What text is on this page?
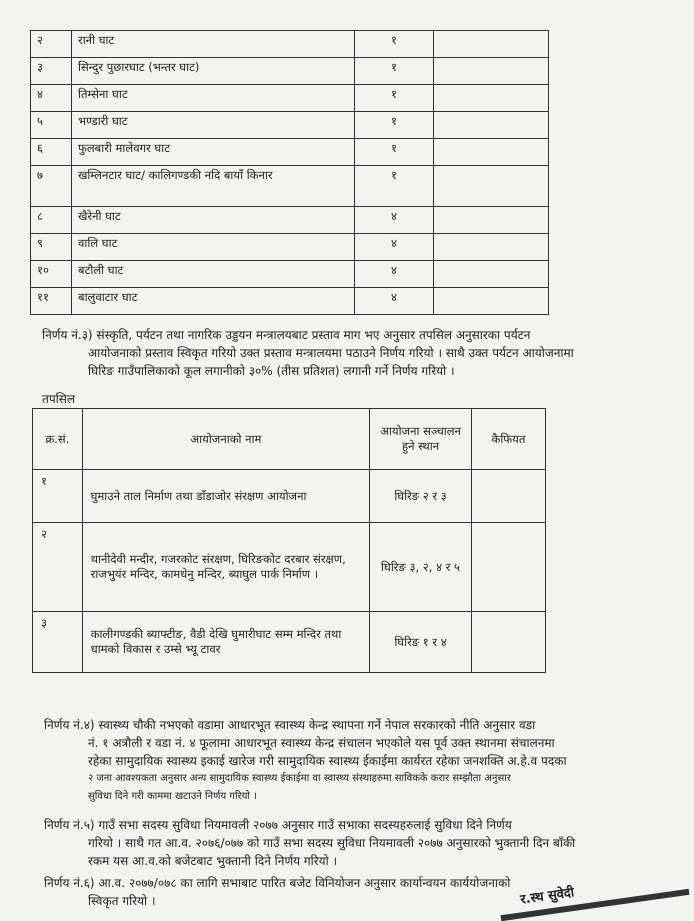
२	रानी घाट	१	
३	सिन्दुर पुछारघाट (भन्तर घाट)	१	
४	तिम्सेना घाट	१	
५	भण्डारी घाट	१	
६	फुलबारी मालेवगर घाट	१	
७	खम्लिनटार घाट/ कालिगण्डकी नदि बायाँ किनार	१	
८	खैरेनी घाट	४	
९	वालि घाट	४	
१०	बटौली घाट	४	
११	बालुवाटार घाट	४	
निर्णय नं.३) संस्कृति, पर्यटन तथा नागरिक उड्डयन मन्त्रालयबाट प्रस्ताव माग भए अनुसार तपसिल अनुसारका पर्यटन
आयोजनाको प्रस्ताव स्विकृत गरियो उक्त प्रस्ताव मन्त्रालयमा पठाउने निर्णय गरियो । साथै उक्त पर्यटन आयोजनामा
घिरिङ गाउँपालिकाको कूल लगानीको ३०% (तीस प्रतिशत) लगानी गर्ने निर्णय गरियो ।
तपसिल
क्र.सं.	आयोजनाको नाम	आयोजना सञ्चालन हुने स्थान	कैफियत
१	घुमाउने ताल निर्माण तथा डाँडाजोर संरक्षण आयोजना	घिरिङ २ र ३	
२	थानीदेवी मन्दीर, गजरकोट संरक्षण, घिरिङकोट दरबार संरक्षण, राजभुयंर मन्दिर, कामधेनु मन्दिर, ब्याघुल पार्क निर्माण ।	घिरिङ ३, २, ४ र ५	
३	कालीगण्डकी ब्याफ्टीङ, वैडी देखि घुमारीघाट सम्म मन्दिर तथा धामको विकास र उम्से भ्यू टावर	घिरिङ १ र ४	
निर्णय नं.४) स्वास्थ्य चौकी नभएको वडामा आधारभूत स्वास्थ्य केन्द्र स्थापना गर्ने नेपाल सरकारको नीति अनुसार वडा
नं. १ अत्रौली र वडा नं. ४ फूलामा आधारभूत स्वास्थ्य केन्द्र संचालन भएकोले यस पूर्व उक्त स्थानमा संचालनमा
रहेका सामुदायिक स्वास्थ्य इकाई खारेज गरी सामुदायिक स्वास्थ्य ईकाईमा कार्यरत रहेका जनशक्ति अ.हे.व पदका
२ जना आवश्यकता अनुसार अन्य सामुदायिक स्वास्थ्य ईकाईमा वा स्वास्थ्य संस्थाहरुमा साविकके करार सम्झौता अनुसार
सुविधा दिने गरी काममा खटाउने निर्णय गरियो ।
निर्णय नं.५) गाउँ सभा सदस्य सुविधा नियमावली २०७७ अनुसार गाउँ सभाका सदस्यहरुलाई सुविधा दिने निर्णय
गरियो । साथै गत आ.व. २०७६/०७७ को गाउँ सभा सदस्य सुविधा नियमावली २०७७ अनुसारको भुक्तानी दिन बाँकी
रकम यस आ.व.को बजेटबाट भुक्तानी दिने निर्णय गरियो ।
निर्णय नं.६) आ.व. २०७७/०७८ का लागि सभाबाट पारित बजेट विनियोजन अनुसार कार्यान्वयन कार्ययोजनाको
स्विकृत गरियो ।	र.स्थ सुवेदी
